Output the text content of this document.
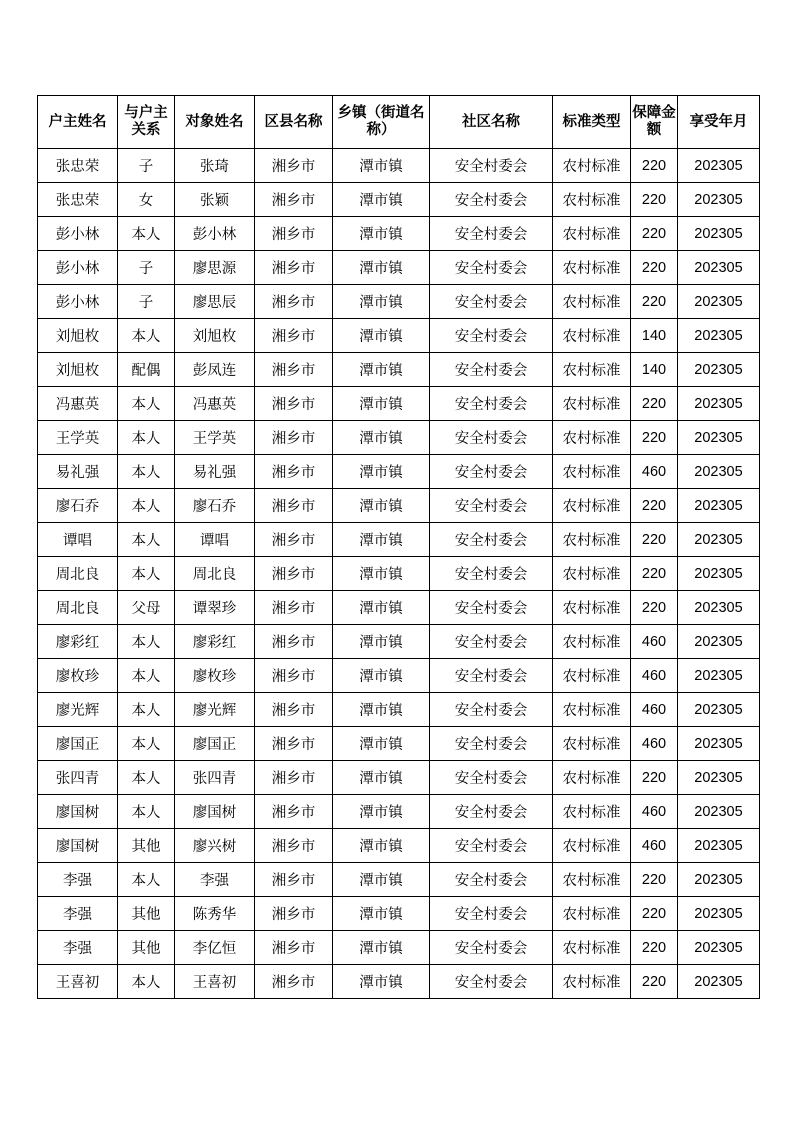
户主姓名	与户主关系	对象姓名	区县名称	乡镇（街道名称）	社区名称	标准类型	保障金额	享受年月
张忠荣	子	张琦	湘乡市	潭市镇	安全村委会	农村标准	220	202305
张忠荣	女	张颖	湘乡市	潭市镇	安全村委会	农村标准	220	202305
彭小林	本人	彭小林	湘乡市	潭市镇	安全村委会	农村标准	220	202305
彭小林	子	廖思源	湘乡市	潭市镇	安全村委会	农村标准	220	202305
彭小林	子	廖思辰	湘乡市	潭市镇	安全村委会	农村标准	220	202305
刘旭枚	本人	刘旭枚	湘乡市	潭市镇	安全村委会	农村标准	140	202305
刘旭枚	配偶	彭凤连	湘乡市	潭市镇	安全村委会	农村标准	140	202305
冯惠英	本人	冯惠英	湘乡市	潭市镇	安全村委会	农村标准	220	202305
王学英	本人	王学英	湘乡市	潭市镇	安全村委会	农村标准	220	202305
易礼强	本人	易礼强	湘乡市	潭市镇	安全村委会	农村标准	460	202305
廖石乔	本人	廖石乔	湘乡市	潭市镇	安全村委会	农村标准	220	202305
谭唱	本人	谭唱	湘乡市	潭市镇	安全村委会	农村标准	220	202305
周北良	本人	周北良	湘乡市	潭市镇	安全村委会	农村标准	220	202305
周北良	父母	谭翠珍	湘乡市	潭市镇	安全村委会	农村标准	220	202305
廖彩红	本人	廖彩红	湘乡市	潭市镇	安全村委会	农村标准	460	202305
廖枚珍	本人	廖枚珍	湘乡市	潭市镇	安全村委会	农村标准	460	202305
廖光辉	本人	廖光辉	湘乡市	潭市镇	安全村委会	农村标准	460	202305
廖国正	本人	廖国正	湘乡市	潭市镇	安全村委会	农村标准	460	202305
张四青	本人	张四青	湘乡市	潭市镇	安全村委会	农村标准	220	202305
廖国树	本人	廖国树	湘乡市	潭市镇	安全村委会	农村标准	460	202305
廖国树	其他	廖兴树	湘乡市	潭市镇	安全村委会	农村标准	460	202305
李强	本人	李强	湘乡市	潭市镇	安全村委会	农村标准	220	202305
李强	其他	陈秀华	湘乡市	潭市镇	安全村委会	农村标准	220	202305
李强	其他	李亿恒	湘乡市	潭市镇	安全村委会	农村标准	220	202305
王喜初	本人	王喜初	湘乡市	潭市镇	安全村委会	农村标准	220	202305
